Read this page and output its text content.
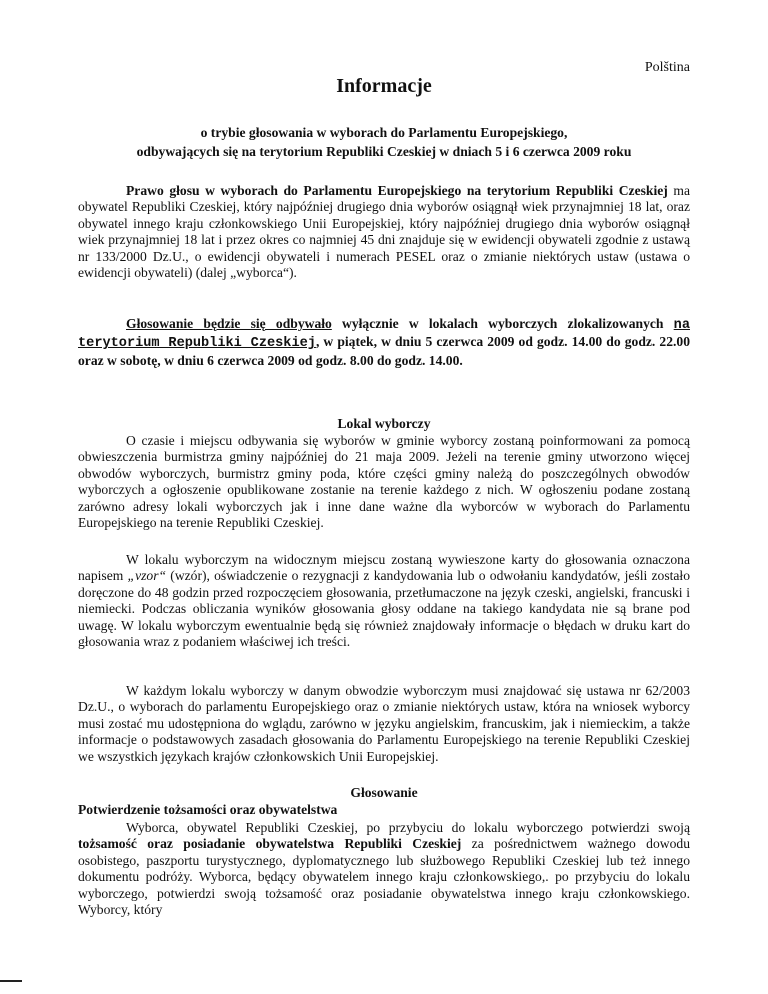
Polština
Informacje
o trybie głosowania w wyborach do Parlamentu Europejskiego,
odbywających się na terytorium Republiki Czeskiej w dniach 5 i 6 czerwca 2009 roku
Prawo głosu w wyborach do Parlamentu Europejskiego na terytorium Republiki Czeskiej ma obywatel Republiki Czeskiej, który najpóźniej drugiego dnia wyborów osiągnął wiek przynajmniej 18 lat, oraz obywatel innego kraju członkowskiego Unii Europejskiej, który najpóźniej drugiego dnia wyborów osiągnął wiek przynajmniej 18 lat i przez okres co najmniej 45 dni znajduje się w ewidencji obywateli zgodnie z ustawą nr 133/2000 Dz.U., o ewidencji obywateli i numerach PESEL oraz o zmianie niektórych ustaw (ustawa o ewidencji obywateli) (dalej „wyborca“).
Głosowanie będzie się odbywało wyłącznie w lokalach wyborczych zlokalizowanych na terytorium Republiki Czeskiej, w piątek, w dniu 5 czerwca 2009 od godz. 14.00 do godz. 22.00 oraz w sobotę, w dniu 6 czerwca 2009 od godz. 8.00 do godz. 14.00.
Lokal wyborczy
O czasie i miejscu odbywania się wyborów w gminie wyborcy zostaną poinformowani za pomocą obwieszczenia burmistrza gminy najpóźniej do 21 maja 2009. Jeżeli na terenie gminy utworzono więcej obwodów wyborczych, burmistrz gminy poda, które części gminy należą do poszczególnych obwodów wyborczych a ogłoszenie opublikowane zostanie na terenie każdego z nich. W ogłoszeniu podane zostaną zarówno adresy lokali wyborczych jak i inne dane ważne dla wyborców w wyborach do Parlamentu Europejskiego na terenie Republiki Czeskiej.
W lokalu wyborczym na widocznym miejscu zostaną wywieszone karty do głosowania oznaczona napisem „vzor“ (wzór), oświadczenie o rezygnacji z kandydowania lub o odwołaniu kandydatów, jeśli zostało doręczone do 48 godzin przed rozpoczęciem głosowania, przetłumaczone na język czeski, angielski, francuski i niemiecki. Podczas obliczania wyników głosowania głosy oddane na takiego kandydata nie są brane pod uwagę. W lokalu wyborczym ewentualnie będą się również znajdowały informacje o błędach w druku kart do głosowania wraz z podaniem właściwej ich treści.
W każdym lokalu wyborczy w danym obwodzie wyborczym musi znajdować się ustawa nr 62/2003 Dz.U., o wyborach do parlamentu Europejskiego oraz o zmianie niektórych ustaw, która na wniosek wyborcy musi zostać mu udostępniona do wglądu, zarówno w języku angielskim, francuskim, jak i niemieckim, a także informacje o podstawowych zasadach głosowania do Parlamentu Europejskiego na terenie Republiki Czeskiej we wszystkich językach krajów członkowskich Unii Europejskiej.
Głosowanie
Potwierdzenie tożsamości oraz obywatelstwa
Wyborca, obywatel Republiki Czeskiej, po przybyciu do lokalu wyborczego potwierdzi swoją tożsamość oraz posiadanie obywatelstwa Republiki Czeskiej za pośrednictwem ważnego dowodu osobistego, paszportu turystycznego, dyplomatycznego lub służbowego Republiki Czeskiej lub też innego dokumentu podróży. Wyborca, będący obywatelem innego kraju członkowskiego,. po przybyciu do lokalu wyborczego, potwierdzi swoją tożsamość oraz posiadanie obywatelstwa innego kraju członkowskiego. Wyborcy, który
